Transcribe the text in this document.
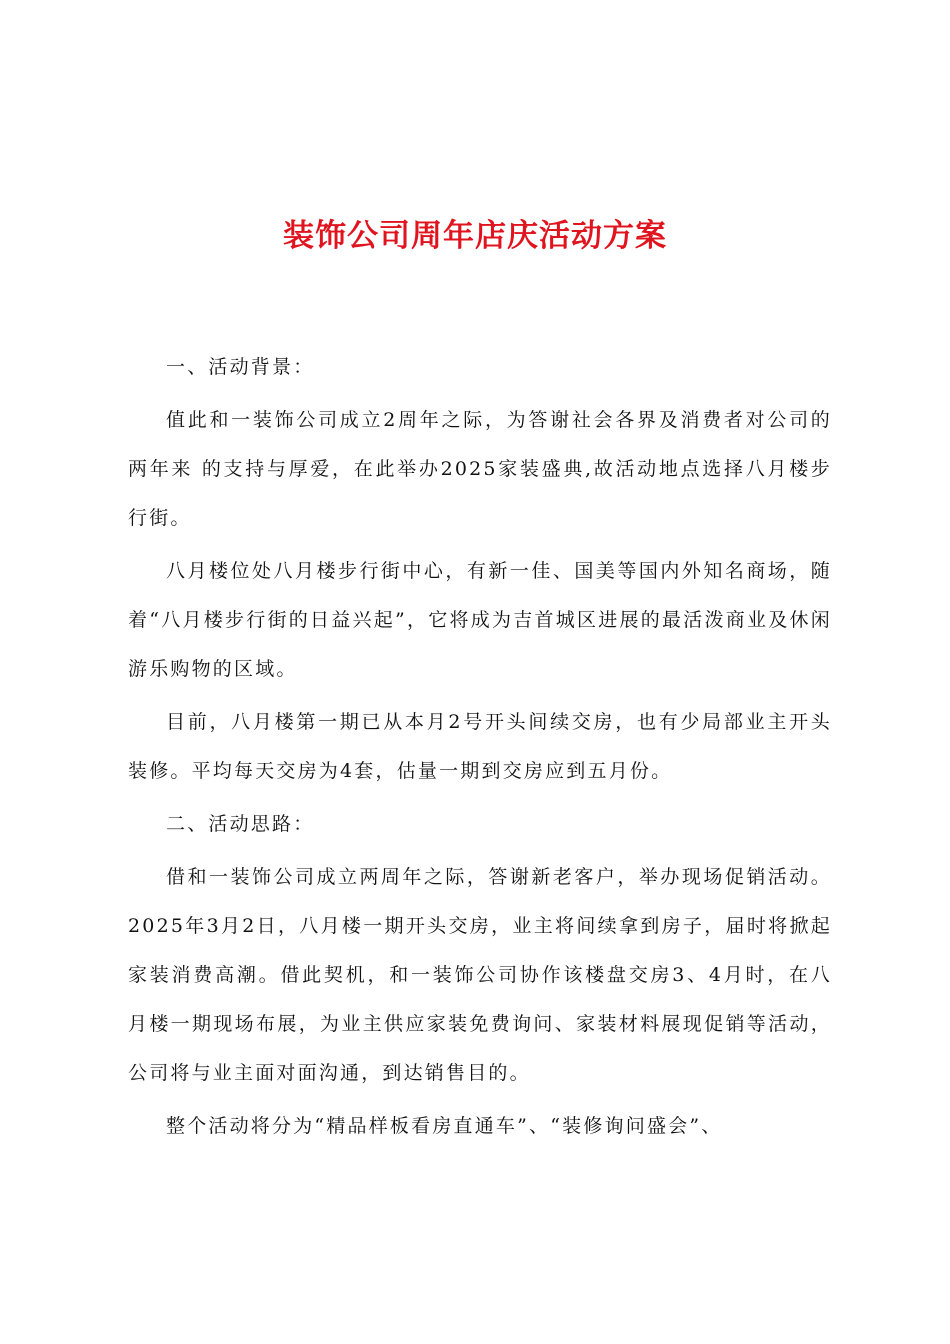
装饰公司周年店庆活动方案

一、活动背景：

值此和一装饰公司成立2周年之际，为答谢社会各界及消费者对公司的两年来 的支持与厚爱，在此举办2025家装盛典,故活动地点选择八月楼步行街。

八月楼位处八月楼步行街中心，有新一佳、国美等国内外知名商场，随着“八月楼步行街的日益兴起”，它将成为吉首城区进展的最活泼商业及休闲游乐购物的区域。

目前，八月楼第一期已从本月2号开头间续交房，也有少局部业主开头装修。平均每天交房为4套，估量一期到交房应到五月份。

二、活动思路：

借和一装饰公司成立两周年之际，答谢新老客户，举办现场促销活动。2025年3月2日，八月楼一期开头交房，业主将间续拿到房子，届时将掀起家装消费高潮。借此契机，和一装饰公司协作该楼盘交房3、4月时，在八月楼一期现场布展，为业主供应家装免费询问、家装材料展现促销等活动，公司将与业主面对面沟通，到达销售目的。

整个活动将分为“精品样板看房直通车”、“装修询问盛会”、
